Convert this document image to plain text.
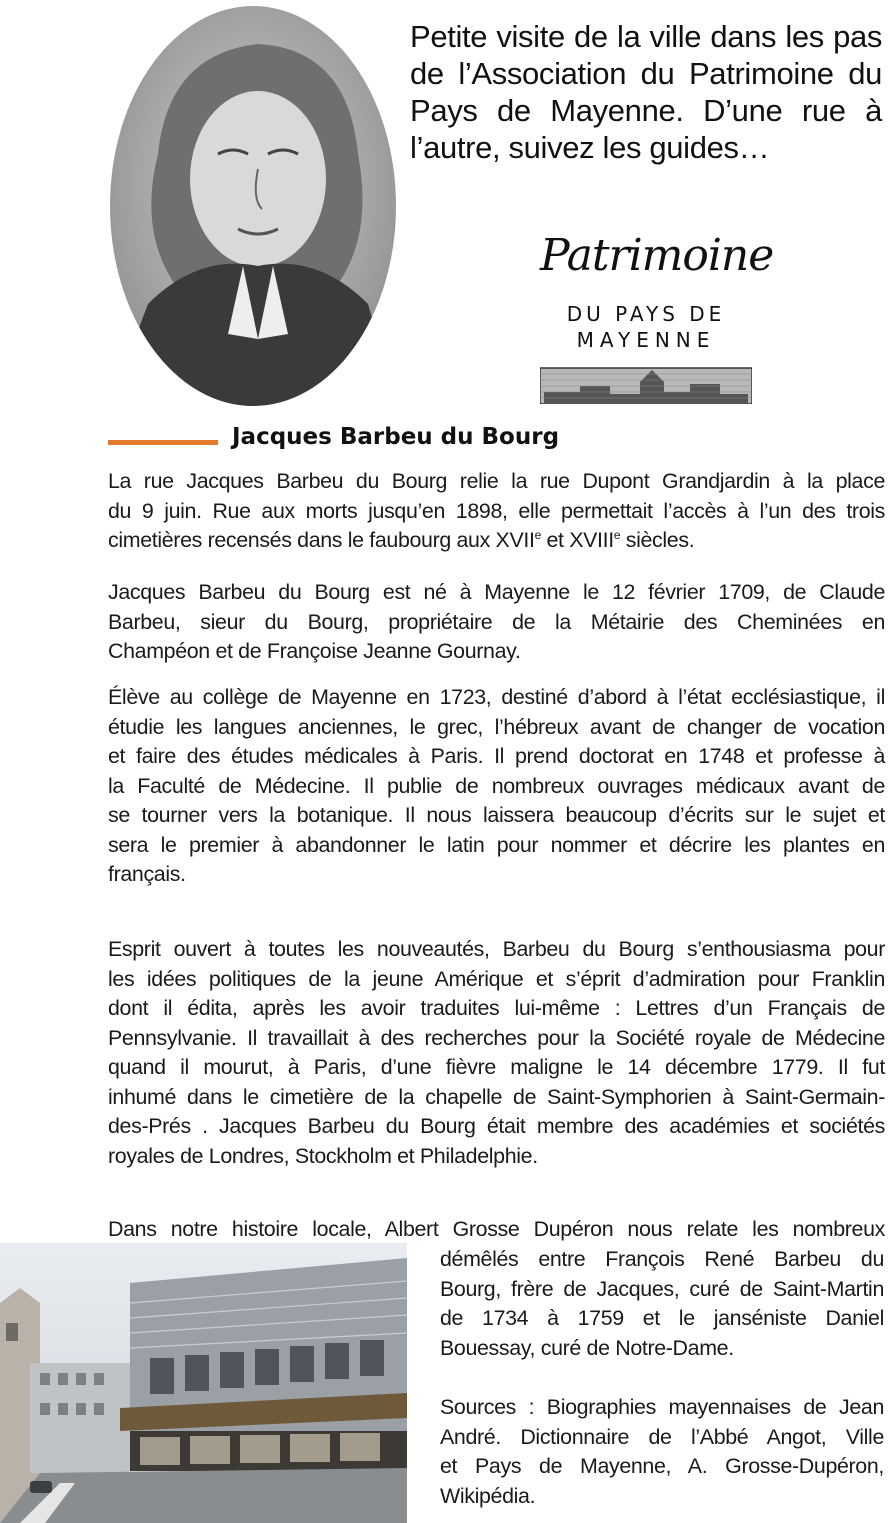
Petite visite de la ville dans les pas
de l’Association du Patrimoine du
Pays de Mayenne. D’une rue à
l’autre, suivez les guides…
Patrimoine
DU PAYS DE
MAYENNE
Jacques Barbeu du Bourg
La rue Jacques Barbeu du Bourg relie la rue Dupont Grandjardin à la place
du 9 juin. Rue aux morts jusqu’en 1898, elle permettait l’accès à l’un des trois
cimetières recensés dans le faubourg aux XVIIe et XVIIIe siècles.
Jacques Barbeu du Bourg est né à Mayenne le 12 février 1709, de Claude
Barbeu, sieur du Bourg, propriétaire de la Métairie des Cheminées en
Champéon et de Françoise Jeanne Gournay.
Élève au collège de Mayenne en 1723, destiné d’abord à l’état ecclésiastique, il
étudie les langues anciennes, le grec, l’hébreux avant de changer de vocation
et faire des études médicales à Paris. Il prend doctorat en 1748 et professe à
la Faculté de Médecine. Il publie de nombreux ouvrages médicaux avant de
se tourner vers la botanique. Il nous laissera beaucoup d’écrits sur le sujet et
sera le premier à abandonner le latin pour nommer et décrire les plantes en
français.
Esprit ouvert à toutes les nouveautés, Barbeu du Bourg s’enthousiasma pour
les idées politiques de la jeune Amérique et s’éprit d’admiration pour Franklin
dont il édita, après les avoir traduites lui-même : Lettres d’un Français de
Pennsylvanie. Il travaillait à des recherches pour la Société royale de Médecine
quand il mourut, à Paris, d’une fièvre maligne le 14 décembre 1779. Il fut
inhumé dans le cimetière de la chapelle de Saint-Symphorien à Saint-Germain-
des-Prés . Jacques Barbeu du Bourg était membre des académies et sociétés
royales de Londres, Stockholm et Philadelphie.
Dans notre histoire locale, Albert Grosse Dupéron nous relate les nombreux
démêlés entre François René Barbeu du
Bourg, frère de Jacques, curé de Saint-Martin
de 1734 à 1759 et le janséniste Daniel
Bouessay, curé de Notre-Dame.
Sources : Biographies mayennaises de Jean
André. Dictionnaire de l’Abbé Angot, Ville
et Pays de Mayenne, A. Grosse-Dupéron,
Wikipédia.
